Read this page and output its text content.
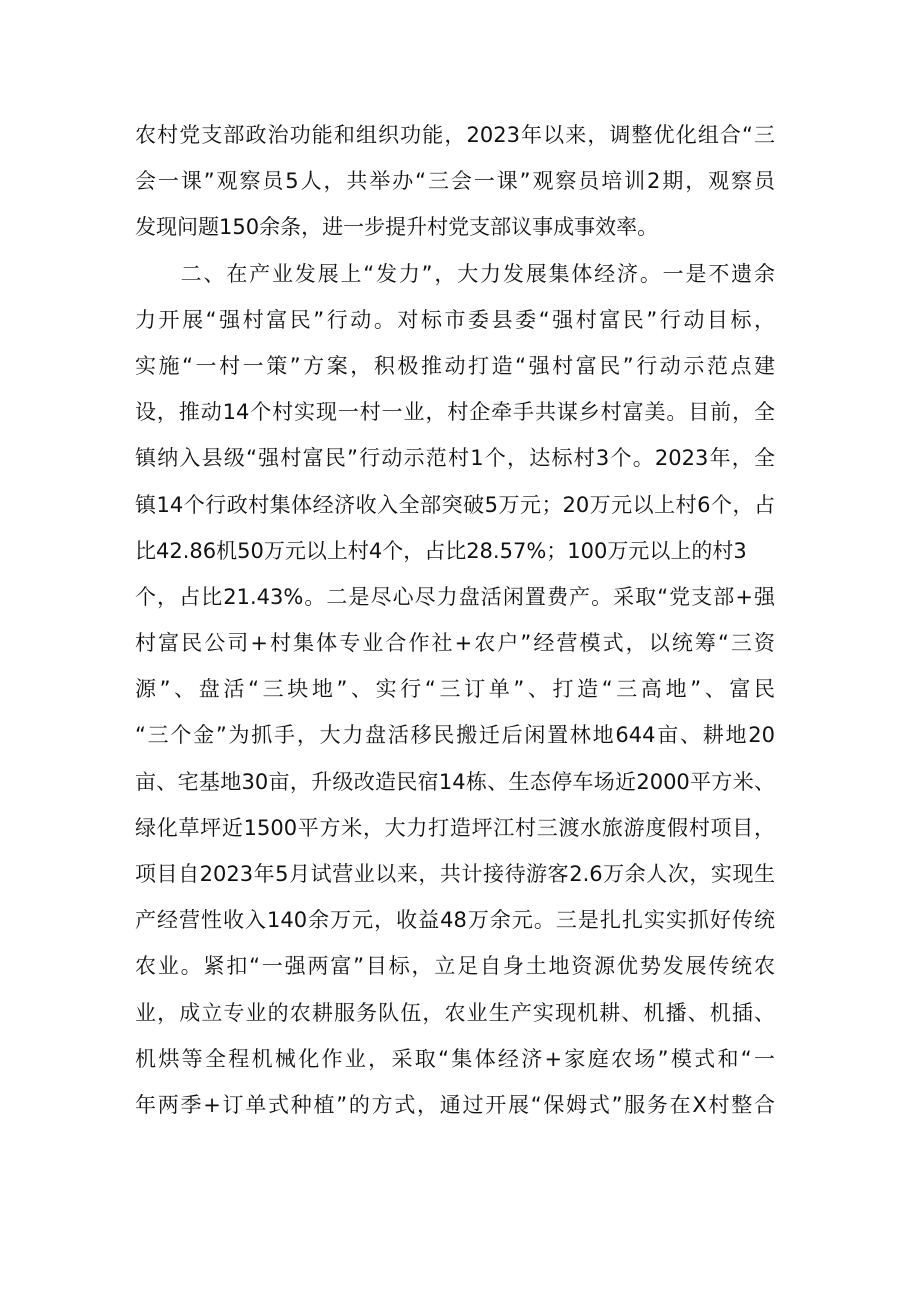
农村党支部政治功能和组织功能，2023年以来，调整优化组合“三
会一课”观察员5人，共举办“三会一课”观察员培训2期，观察员
发现问题150余条，进一步提升村党支部议事成事效率。
　　二、在产业发展上“发力”，大力发展集体经济。一是不遗余
力开展“强村富民”行动。对标市委县委“强村富民”行动目标，
实施“一村一策”方案，积极推动打造“强村富民”行动示范点建
设，推动14个村实现一村一业，村企牵手共谋乡村富美。目前，全
镇纳入县级“强村富民”行动示范村1个，达标村3个。2023年，全
镇14个行政村集体经济收入全部突破5万元；20万元以上村6个，占
比42.86机50万元以上村4个，占比28.57%；100万元以上的村3
个，占比21.43%。二是尽心尽力盘活闲置费产。采取“党支部+强
村富民公司+村集体专业合作社+农户”经营模式，以统筹“三资
源”、盘活“三块地”、实行“三订单”、打造“三高地”、富民
“三个金”为抓手，大力盘活移民搬迁后闲置林地644亩、耕地20
亩、宅基地30亩，升级改造民宿14栋、生态停车场近2000平方米、
绿化草坪近1500平方米，大力打造坪江村三渡水旅游度假村项目，
项目自2023年5月试营业以来，共计接待游客2.6万余人次，实现生
产经营性收入140余万元，收益48万余元。三是扎扎实实抓好传统
农业。紧扣“一强两富”目标，立足自身土地资源优势发展传统农
业，成立专业的农耕服务队伍，农业生产实现机耕、机播、机插、
机烘等全程机械化作业，采取“集体经济+家庭农场”模式和“一
年两季+订单式种植”的方式，通过开展“保姆式”服务在X村整合
